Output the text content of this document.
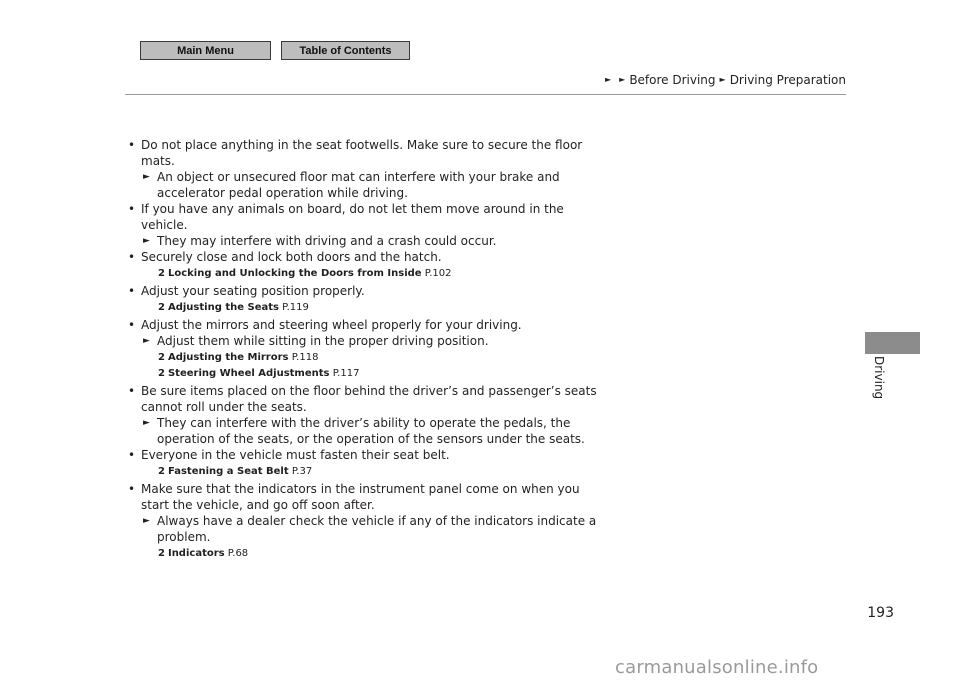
Main Menu	Table of Contents
► ► Before Driving ► Driving Preparation
Driving
• Do not place anything in the seat footwells. Make sure to secure the floor mats.
► An object or unsecured floor mat can interfere with your brake and accelerator pedal operation while driving.
• If you have any animals on board, do not let them move around in the vehicle.
► They may interfere with driving and a crash could occur.
• Securely close and lock both doors and the hatch.
2 Locking and Unlocking the Doors from Inside P.102
• Adjust your seating position properly.
2 Adjusting the Seats P.119
• Adjust the mirrors and steering wheel properly for your driving.
► Adjust them while sitting in the proper driving position.
2 Adjusting the Mirrors P.118
2 Steering Wheel Adjustments P.117
• Be sure items placed on the floor behind the driver’s and passenger’s seats cannot roll under the seats.
► They can interfere with the driver’s ability to operate the pedals, the operation of the seats, or the operation of the sensors under the seats.
• Everyone in the vehicle must fasten their seat belt.
2 Fastening a Seat Belt P.37
• Make sure that the indicators in the instrument panel come on when you start the vehicle, and go off soon after.
► Always have a dealer check the vehicle if any of the indicators indicate a problem.
2 Indicators P.68
193
carmanualsonline.info
